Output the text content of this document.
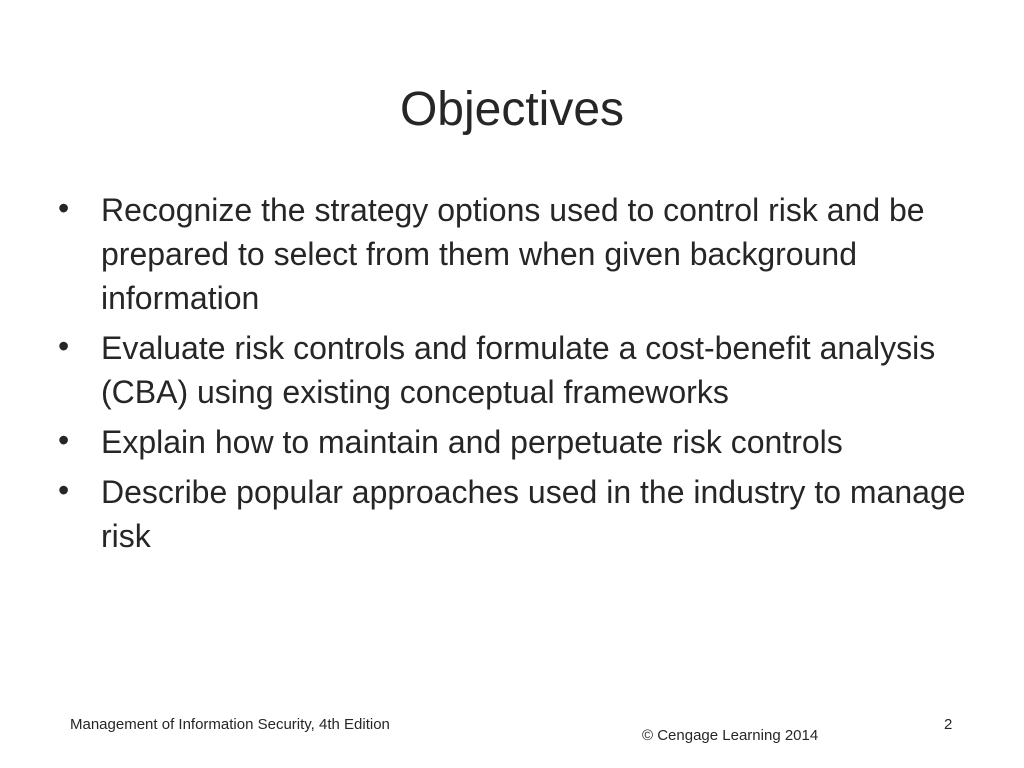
Objectives
• Recognize the strategy options used to control risk and be prepared to select from them when given background information
• Evaluate risk controls and formulate a cost-benefit analysis (CBA) using existing conceptual frameworks
• Explain how to maintain and perpetuate risk controls
• Describe popular approaches used in the industry to manage risk
Management of Information Security, 4th Edition
© Cengage Learning 2014
2
